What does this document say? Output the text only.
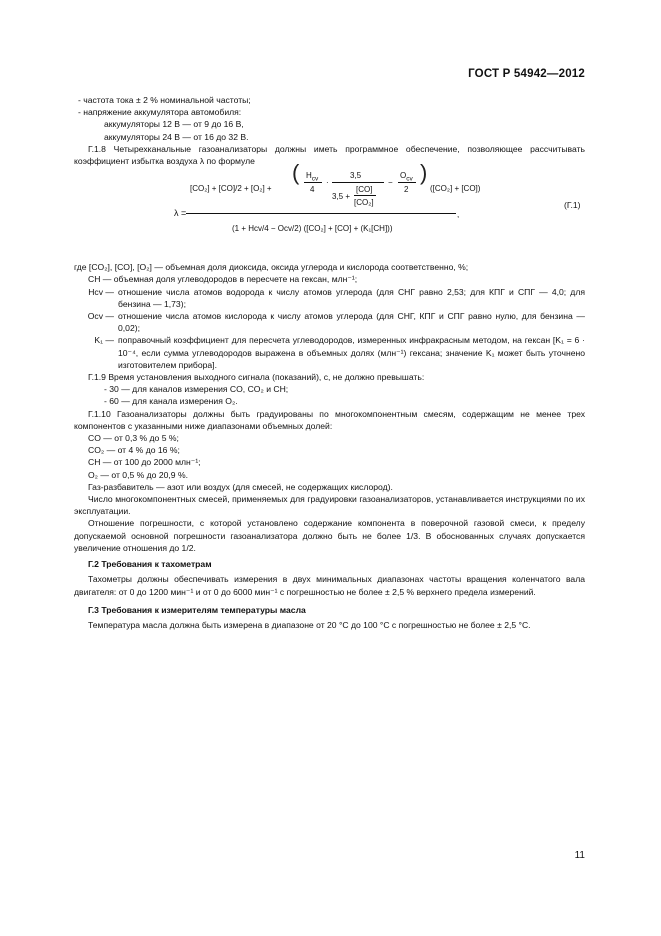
ГОСТ Р 54942—2012

- частота тока ± 2 % номинальной частоты;

- напряжение аккумулятора автомобиля:

аккумуляторы 12 В — от 9 до 16 В,

аккумуляторы 24 В — от 16 до 32 В.

Г.1.8 Четырехканальные газоанализаторы должны иметь программное обеспечение, позволяющее рассчитывать коэффициент избытка воздуха λ по формуле

[CO₂] + [CO]/2 + [O₂] +
( $H_{cv}$
4
·
3,5
3,5 +
[CO]
[CO₂]
−
$O_{cv}$
2
)
([CO₂] + [CO])
λ =	,
(1 + Hcv/4 − Ocv/2) ([CO₂] + [CO] + (K₁[CH]))
(Г.1)

где [CO₂], [CO], [O₂] — объемная доля диоксида, оксида углерода и кислорода соответственно, %;

СН — объемная доля углеводородов в пересчете на гексан, млн⁻¹;

Hcv — отношение числа атомов водорода к числу атомов углерода (для СНГ равно 2,53; для КПГ и СПГ — 4,0; для бензина — 1,73);
Ocv — отношение числа атомов кислорода к числу атомов углерода (для СНГ, КПГ и СПГ равно нулю, для бензина — 0,02);
K₁ — поправочный коэффициент для пересчета углеводородов, измеренных инфракрасным методом, на гексан [K₁ = 6 · 10⁻⁴, если сумма углеводородов выражена в объемных долях (млн⁻¹) гексана; значение K₁ может быть уточнено изготовителем прибора].

Г.1.9 Время установления выходного сигнала (показаний), с, не должно превышать:

- 30 — для каналов измерения CO, CO₂ и CH;

- 60 — для канала измерения O₂.

Г.1.10 Газоанализаторы должны быть градуированы по многокомпонентным смесям, содержащим не менее трех компонентов с указанными ниже диапазонами объемных долей:

CO — от 0,3 % до 5 %;

CO₂ — от 4 % до 16 %;

CH — от 100 до 2000 млн⁻¹;

O₂ — от 0,5 % до 20,9 %.

Газ-разбавитель — азот или воздух (для смесей, не содержащих кислород).

Число многокомпонентных смесей, применяемых для градуировки газоанализаторов, устанавливается инструкциями по их эксплуатации.

Отношение погрешности, с которой установлено содержание компонента в поверочной газовой смеси, к пределу допускаемой основной погрешности газоанализатора должно быть не более 1/3. В обоснованных случаях допускается увеличение отношения до 1/2.

Г.2 Требования к тахометрам

Тахометры должны обеспечивать измерения в двух минимальных диапазонах частоты вращения коленчатого вала двигателя: от 0 до 1200 мин⁻¹ и от 0 до 6000 мин⁻¹ с погрешностью не более ± 2,5 % верхнего предела измерений.

Г.3 Требования к измерителям температуры масла

Температура масла должна быть измерена в диапазоне от 20 °С до 100 °С с погрешностью не более ± 2,5 °С.

11
